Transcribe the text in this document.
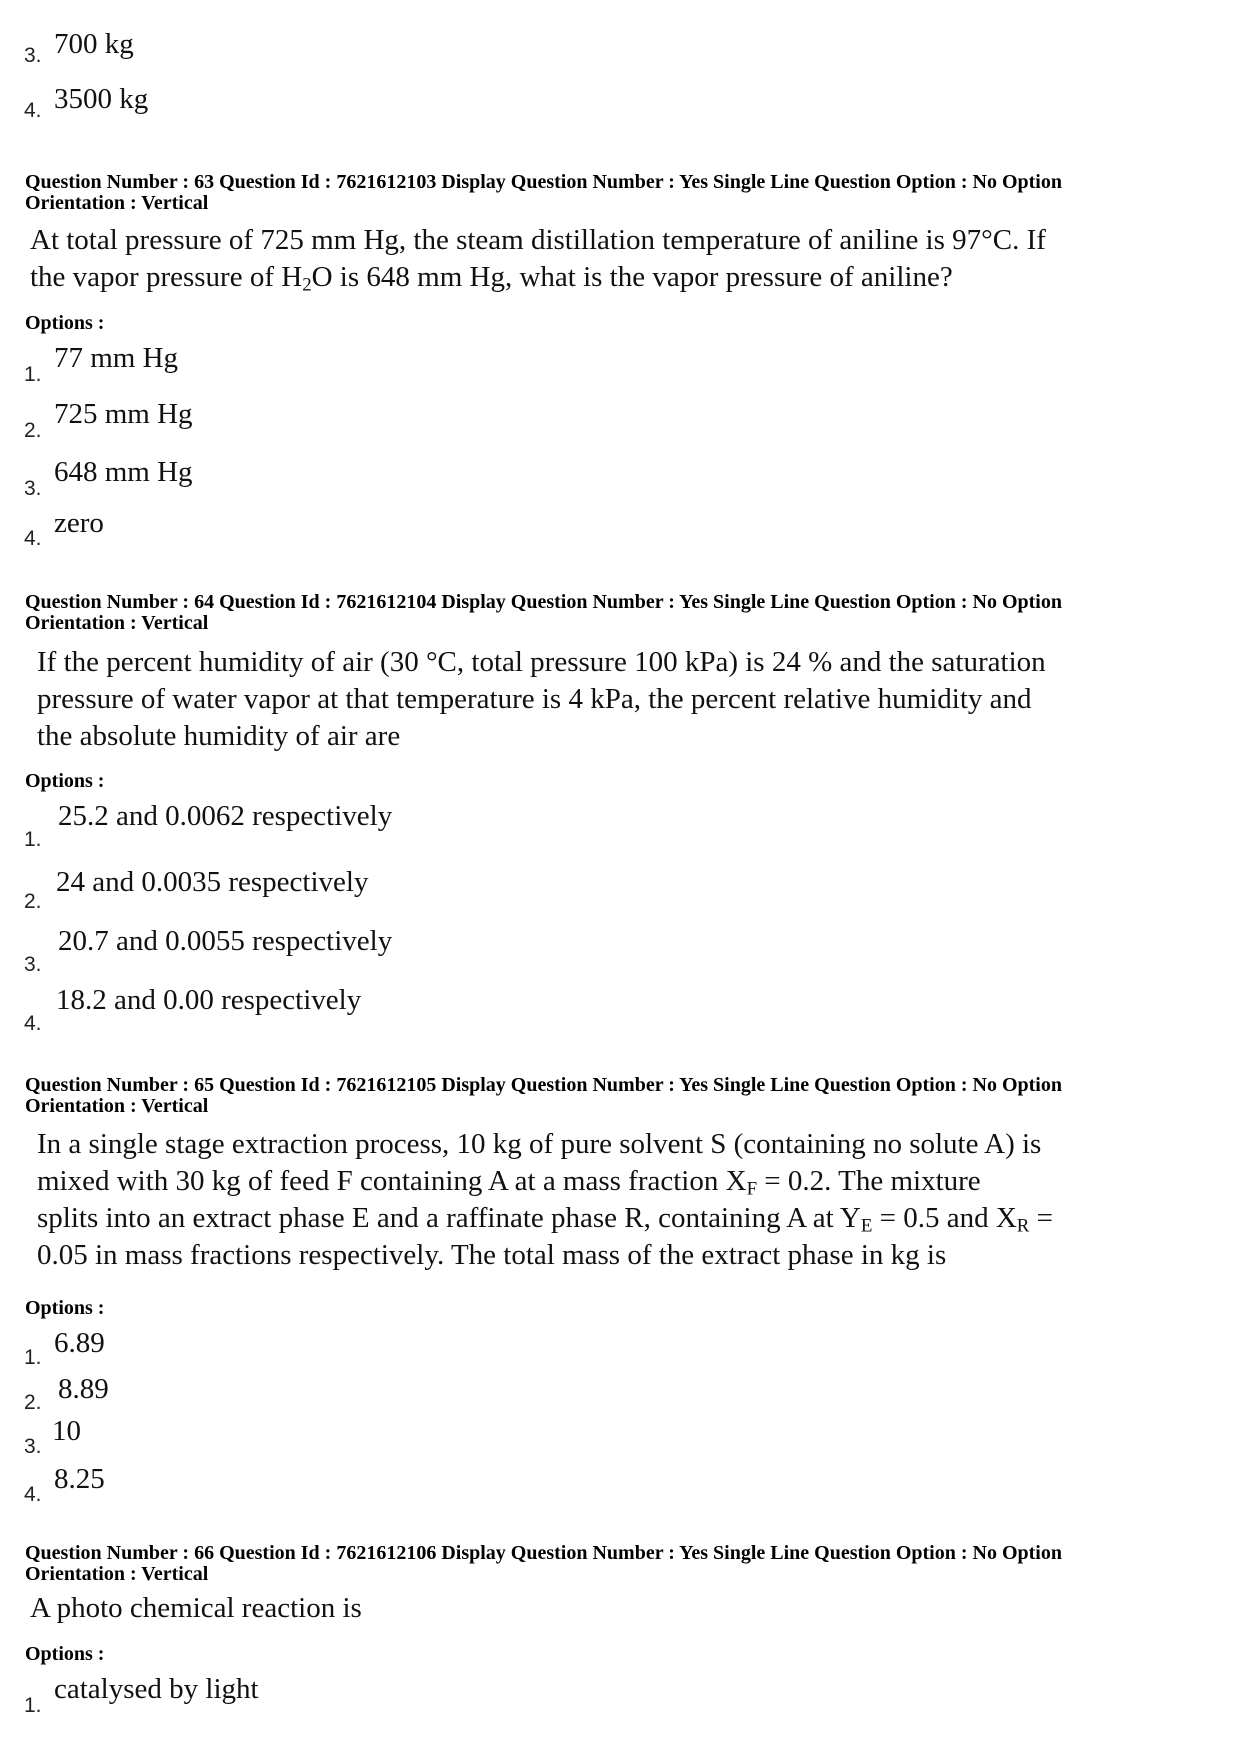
3. 700 kg
4. 3500 kg
Question Number : 63 Question Id : 7621612103 Display Question Number : Yes Single Line Question Option : No Option
Orientation : Vertical
At total pressure of 725 mm Hg, the steam distillation temperature of aniline is 97°C. If
the vapor pressure of $H_2O$ is 648 mm Hg, what is the vapor pressure of aniline?
Options :
1.
77 mm Hg
2.
725 mm Hg
3.
648 mm Hg
4. zero
Question Number : 64 Question Id : 7621612104 Display Question Number : Yes Single Line Question Option : No Option
Orientation : Vertical
If the percent humidity of air (30 °C, total pressure 100 kPa) is 24 % and the saturation
pressure of water vapor at that temperature is 4 kPa, the percent relative humidity and
the absolute humidity of air are
Options :
1.
25.2 and 0.0062 respectively
2.
24 and 0.0035 respectively
3.
20.7 and 0.0055 respectively
4.
18.2 and 0.00 respectively
Question Number : 65 Question Id : 7621612105 Display Question Number : Yes Single Line Question Option : No Option
Orientation : Vertical
In a single stage extraction process, 10 kg of pure solvent S (containing no solute A) is
mixed with 30 kg of feed F containing A at a mass fraction $X_F = 0.2$. The mixture
splits into an extract phase E and a raffinate phase R, containing A at $Y_E = 0.5$ and $X_R$ =
0.05 in mass fractions respectively. The total mass of the extract phase in kg is
Options :
1. 6.89
2. 8.89
3. 10
4. 8.25
Question Number : 66 Question Id : 7621612106 Display Question Number : Yes Single Line Question Option : No Option
Orientation : Vertical
A photo chemical reaction is
Options :
1.
catalysed by light
